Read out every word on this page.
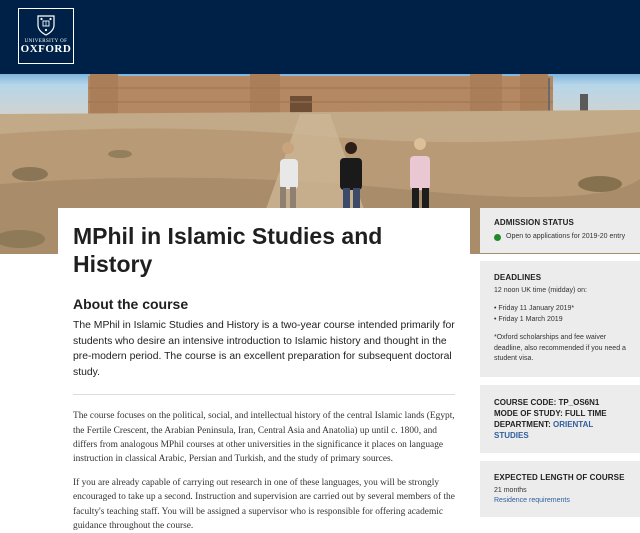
UNIVERSITY OF
OXFORD
MPhil in Islamic Studies and History
About the course

The MPhil in Islamic Studies and History is a two-year course intended primarily for students who desire an intensive introduction to Islamic history and thought in the pre-modern period. The course is an excellent preparation for subsequent doctoral study.

The course focuses on the political, social, and intellectual history of the central Islamic lands (Egypt, the Fertile Crescent, the Arabian Peninsula, Iran, Central Asia and Anatolia) up until c. 1800, and differs from analogous MPhil courses at other universities in the significance it places on language instruction in classical Arabic, Persian and Turkish, and the study of primary sources.

If you are already capable of carrying out research in one of these languages, you will be strongly encouraged to take up a second. Instruction and supervision are carried out by several members of the faculty's teaching staff. You will be assigned a supervisor who is responsible for offering academic guidance throughout the course.

ADMISSION STATUS
Open to applications for 2019-20 entry
DEADLINES
12 noon UK time (midday) on:
• Friday 11 January 2019*
• Friday 1 March 2019
*Oxford scholarships and fee waiver deadline, also recommended if you need a student visa.
COURSE CODE: TP_OS6N1
MODE OF STUDY: FULL TIME
DEPARTMENT: ORIENTAL STUDIES
EXPECTED LENGTH OF COURSE
21 months
Residence requirements
